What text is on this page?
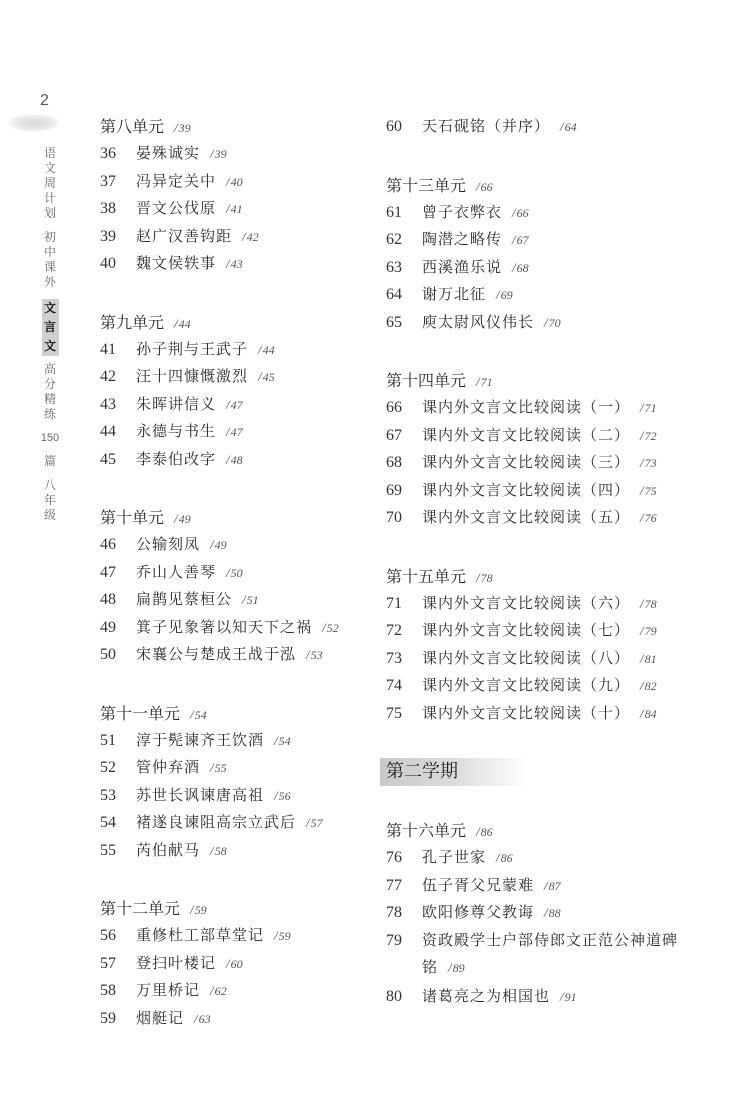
2
语
文
周
计
划
初
中
课
外
文
言
文
高
分
精
练
150
篇
八
年
级
第八单元 /39
36 晏殊诚实 /39
37 冯异定关中 /40
38 晋文公伐原 /41
39 赵广汉善钩距 /42
40 魏文侯轶事 /43
第九单元 /44
41 孙子荆与王武子 /44
42 汪十四慷慨激烈 /45
43 朱晖讲信义 /47
44 永德与书生 /47
45 李泰伯改字 /48
第十单元 /49
46 公输刻凤 /49
47 乔山人善琴 /50
48 扁鹊见蔡桓公 /51
49 箕子见象箸以知天下之祸 /52
50 宋襄公与楚成王战于泓 /53
第十一单元 /54
51 淳于髡谏齐王饮酒 /54
52 管仲弃酒 /55
53 苏世长讽谏唐高祖 /56
54 褚遂良谏阻高宗立武后 /57
55 芮伯献马 /58
第十二单元 /59
56 重修杜工部草堂记 /59
57 登扫叶楼记 /60
58 万里桥记 /62
59 烟艇记 /63
60 天石砚铭（并序） /64
第十三单元 /66
61 曾子衣弊衣 /66
62 陶潜之略传 /67
63 西溪渔乐说 /68
64 谢万北征 /69
65 庾太尉风仪伟长 /70
第十四单元 /71
66 课内外文言文比较阅读（一） /71
67 课内外文言文比较阅读（二） /72
68 课内外文言文比较阅读（三） /73
69 课内外文言文比较阅读（四） /75
70 课内外文言文比较阅读（五） /76
第十五单元 /78
71 课内外文言文比较阅读（六） /78
72 课内外文言文比较阅读（七） /79
73 课内外文言文比较阅读（八） /81
74 课内外文言文比较阅读（九） /82
75 课内外文言文比较阅读（十） /84
第二学期
第十六单元 /86
76 孔子世家 /86
77 伍子胥父兄蒙难 /87
78 欧阳修尊父教诲 /88
79 资政殿学士户部侍郎文正范公神道碑铭 /89
80 诸葛亮之为相国也 /91
